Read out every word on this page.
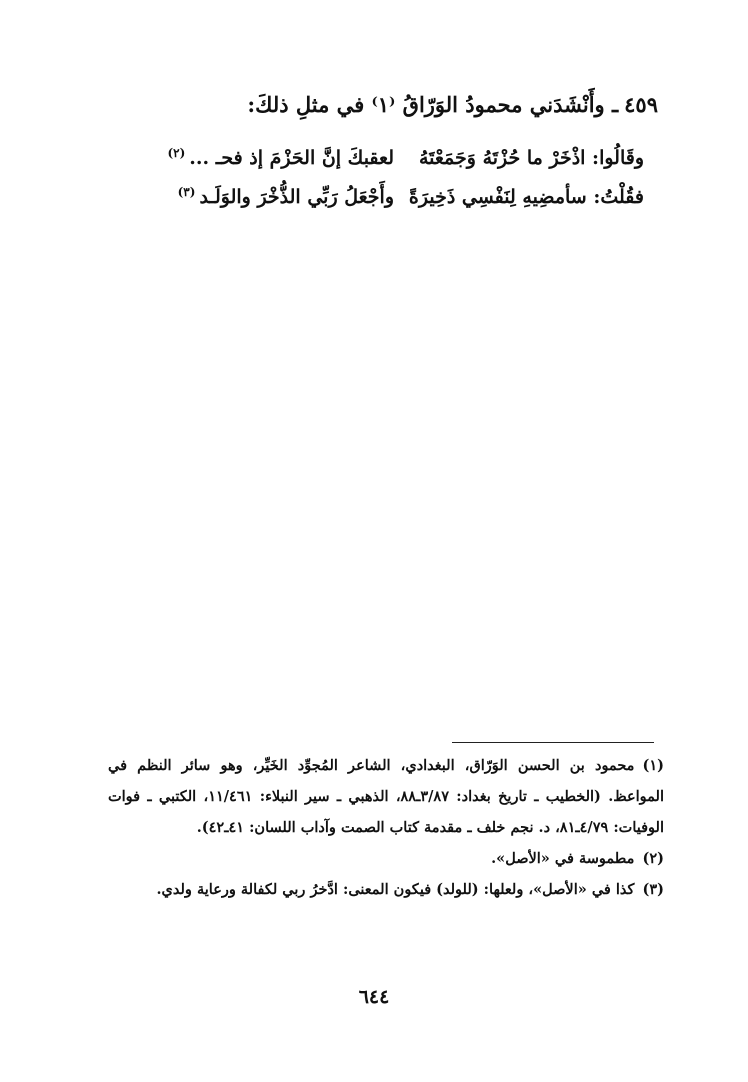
٤٥٩ـ وأَنْشَدَني محمودُ الوَرّاقُ ⁽١⁾ في مثلِ ذلكَ:
وقَالُوا: اذْخَرْ ما حُزْتَهُ وَجَمَعْتَهُلعقبكَ إنَّ الحَزْمَ إذ فحـ ...$^{(٢)}$
فقُلْتُ: سأمضِيهِ لِنَفْسِي ذَخِيرَةًوأَجْعَلُ رَبِّي الذُّخْرَ والوَلَـد$^{(٣)}$

(١)محمود بن الحسن الوَرّاق، البغدادي، الشاعر المُجوِّد الخَيِّر، وهو سائر النظم في المواعظ. (الخطيب ـ تاريخ بغداد: ٣/٨٧ـ٨٨، الذهبي ـ سير النبلاء: ١١/٤٦١، الكتبي ـ فوات الوفيات: ٤/٧٩ـ٨١، د. نجم خلف ـ مقدمة كتاب الصمت وآداب اللسان: ٤١ـ٤٢).

(٢)مطموسة في «الأصل».

(٣)كذا في «الأصل»، ولعلها: (للولد) فيكون المعنى: ادَّخرُ ربي لكفالة ورعاية ولدي.

٦٤٤
